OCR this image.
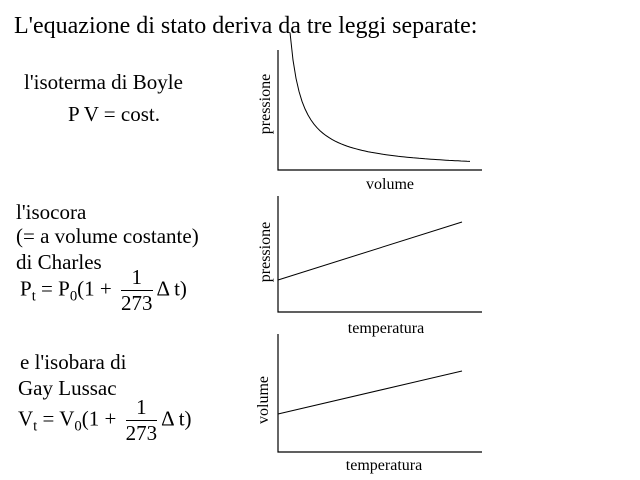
L'equazione di stato deriva da tre leggi separate:
l'isoterma di Boyle
P V = cost.
volume
pressione
l'isocora
(= a volume costante)
di Charles
$P_t = P_0(1 + \frac{1}{273}$ Δ t)
temperatura
pressione
e l'isobara di
Gay Lussac
$V_t = V_0(1 + \frac{1}{273}$ Δ t)
temperatura
volume
